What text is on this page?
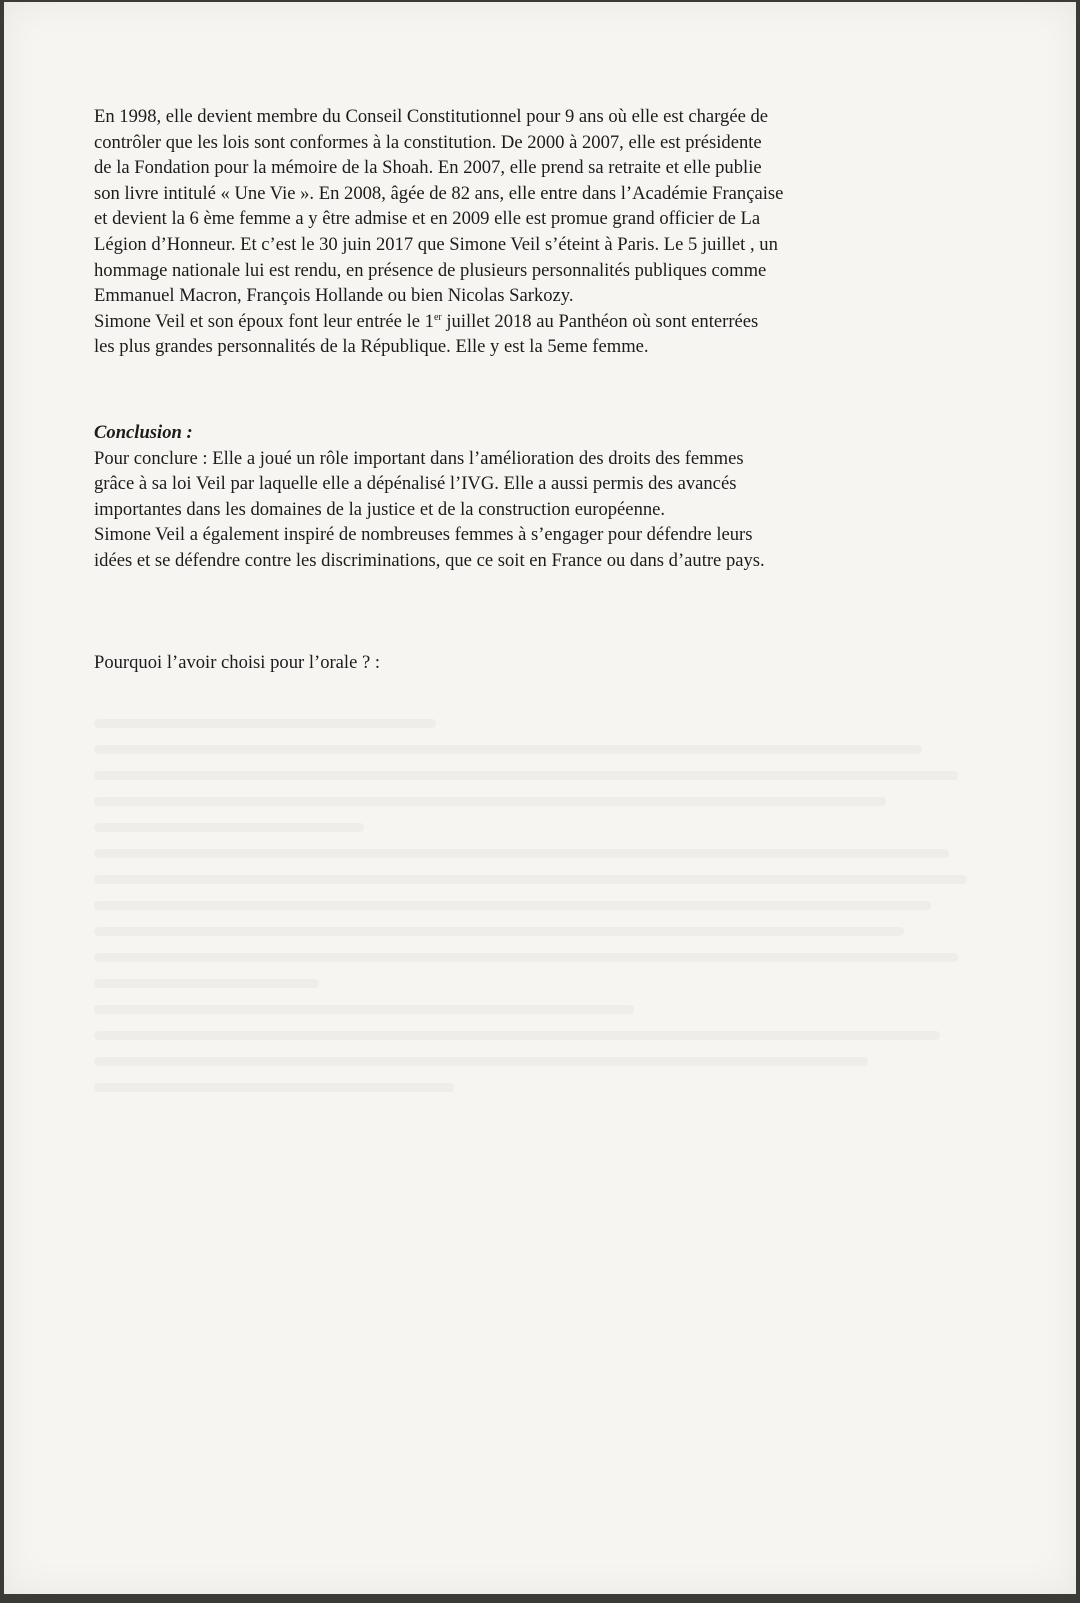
En 1998, elle devient membre du Conseil Constitutionnel pour 9 ans où elle est chargée de
contrôler que les lois sont conformes à la constitution. De 2000 à 2007, elle est présidente
de la Fondation pour la mémoire de la Shoah. En 2007, elle prend sa retraite et elle publie
son livre intitulé « Une Vie ». En 2008, âgée de 82 ans, elle entre dans l’Académie Française
et devient la 6 ème femme a y être admise et en 2009 elle est promue grand officier de La
Légion d’Honneur. Et c’est le 30 juin 2017 que Simone Veil s’éteint à Paris. Le 5 juillet , un
hommage nationale lui est rendu, en présence de plusieurs personnalités publiques comme
Emmanuel Macron, François Hollande ou bien Nicolas Sarkozy.
Simone Veil et son époux font leur entrée le 1er juillet 2018 au Panthéon où sont enterrées
les plus grandes personnalités de la République. Elle y est la 5eme femme.
Conclusion :
Pour conclure : Elle a joué un rôle important dans l’amélioration des droits des femmes
grâce à sa loi Veil par laquelle elle a dépénalisé l’IVG. Elle a aussi permis des avancés
importantes dans les domaines de la justice et de la construction européenne.
Simone Veil a également inspiré de nombreuses femmes à s’engager pour défendre leurs
idées et se défendre contre les discriminations, que ce soit en France ou dans d’autre pays.
Pourquoi l’avoir choisi pour l’orale ? :
